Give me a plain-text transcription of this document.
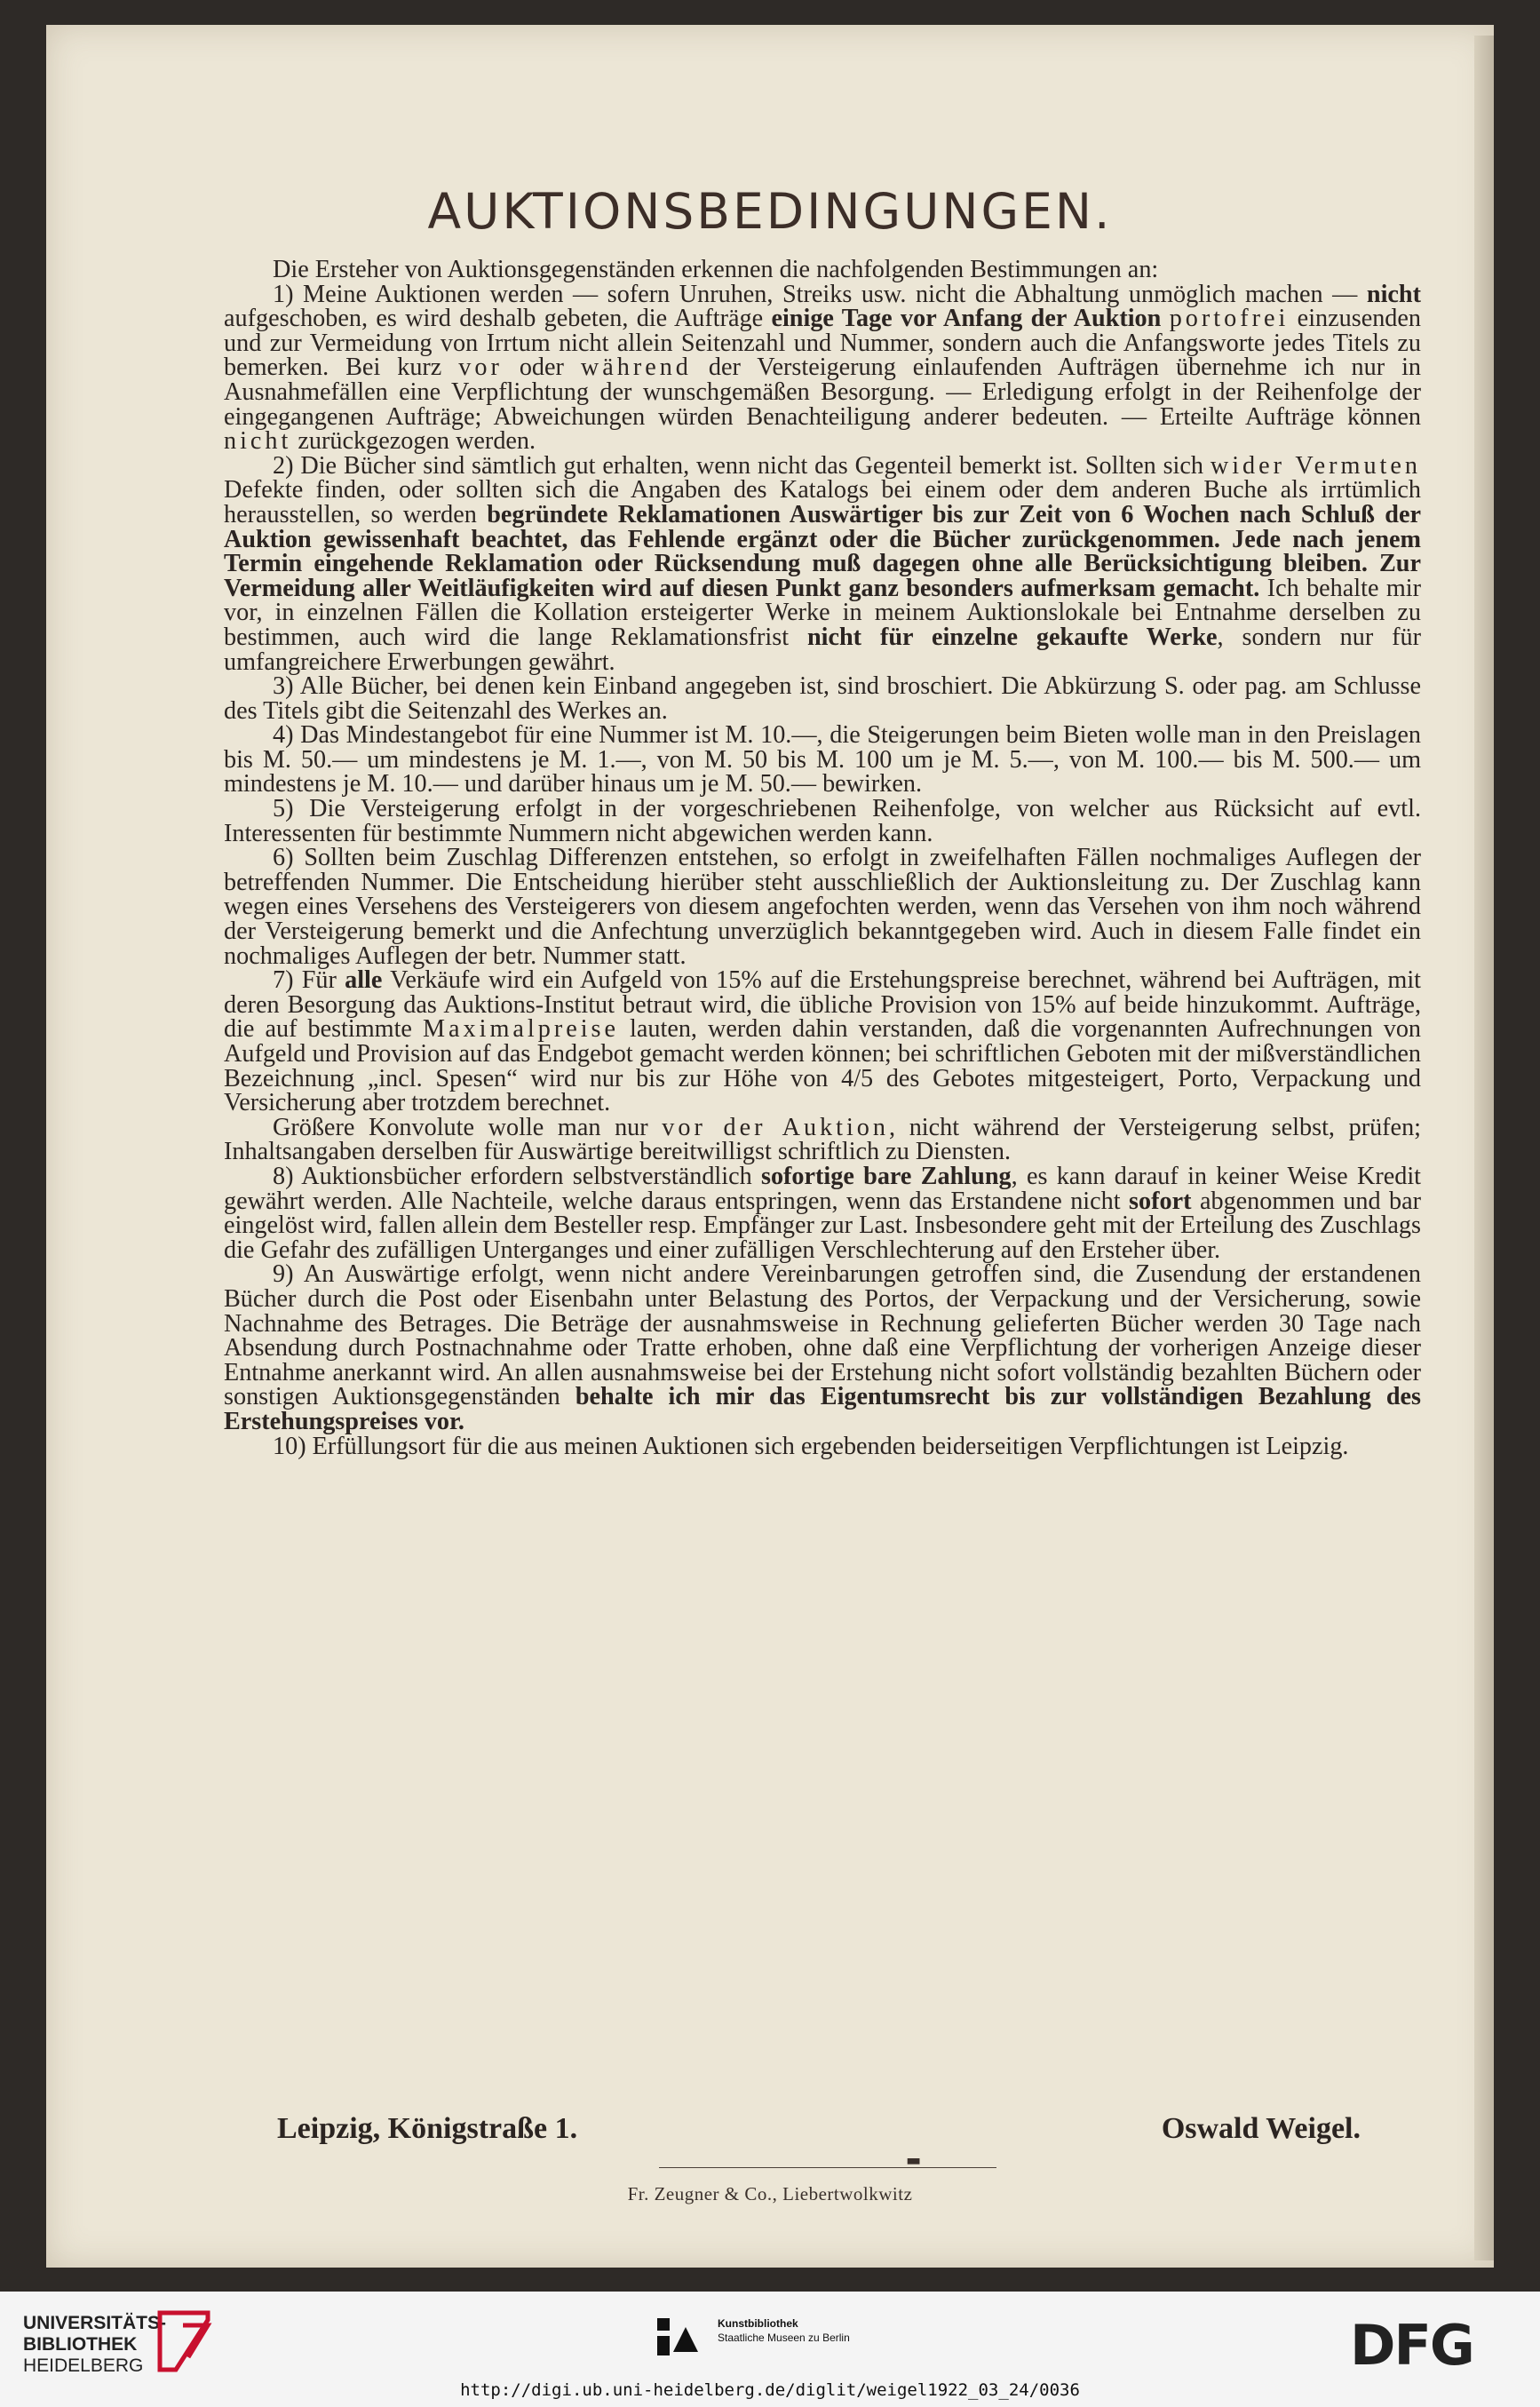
AUKTIONSBEDINGUNGEN.

Die Ersteher von Auktionsgegenständen erkennen die nachfolgenden Bestimmungen an:

1) Meine Auktionen werden — sofern Unruhen, Streiks usw. nicht die Abhaltung unmöglich machen — nicht aufgeschoben, es wird deshalb gebeten, die Aufträge einige Tage vor Anfang der Auktion portofrei einzusenden und zur Vermeidung von Irrtum nicht allein Seitenzahl und Nummer, sondern auch die Anfangsworte jedes Titels zu bemerken. Bei kurz vor oder während der Versteigerung einlaufenden Aufträgen übernehme ich nur in Ausnahmefällen eine Verpflichtung der wunschgemäßen Besorgung. — Erledigung erfolgt in der Reihenfolge der eingegangenen Aufträge; Abweichungen würden Benachteiligung anderer bedeuten. — Erteilte Aufträge können nicht zurückgezogen werden.

2) Die Bücher sind sämtlich gut erhalten, wenn nicht das Gegenteil bemerkt ist. Sollten sich wider Vermuten Defekte finden, oder sollten sich die Angaben des Katalogs bei einem oder dem anderen Buche als irrtümlich herausstellen, so werden begründete Reklamationen Auswärtiger bis zur Zeit von 6 Wochen nach Schluß der Auktion gewissenhaft beachtet, das Fehlende ergänzt oder die Bücher zurückgenommen. Jede nach jenem Termin eingehende Reklamation oder Rücksendung muß dagegen ohne alle Berücksichtigung bleiben. Zur Vermeidung aller Weitläufigkeiten wird auf diesen Punkt ganz besonders aufmerksam gemacht. Ich behalte mir vor, in einzelnen Fällen die Kollation ersteigerter Werke in meinem Auktionslokale bei Entnahme derselben zu bestimmen, auch wird die lange Reklamationsfrist nicht für einzelne gekaufte Werke, sondern nur für umfangreichere Erwerbungen gewährt.

3) Alle Bücher, bei denen kein Einband angegeben ist, sind broschiert. Die Abkürzung S. oder pag. am Schlusse des Titels gibt die Seitenzahl des Werkes an.

4) Das Mindestangebot für eine Nummer ist M. 10.—, die Steigerungen beim Bieten wolle man in den Preislagen bis M. 50.— um mindestens je M. 1.—, von M. 50 bis M. 100 um je M. 5.—, von M. 100.— bis M. 500.— um mindestens je M. 10.— und darüber hinaus um je M. 50.— bewirken.

5) Die Versteigerung erfolgt in der vorgeschriebenen Reihenfolge, von welcher aus Rücksicht auf evtl. Interessenten für bestimmte Nummern nicht abgewichen werden kann.

6) Sollten beim Zuschlag Differenzen entstehen, so erfolgt in zweifelhaften Fällen nochmaliges Auflegen der betreffenden Nummer. Die Entscheidung hierüber steht ausschließlich der Auktionsleitung zu. Der Zuschlag kann wegen eines Versehens des Versteigerers von diesem angefochten werden, wenn das Versehen von ihm noch während der Versteigerung bemerkt und die Anfechtung unverzüglich bekanntgegeben wird. Auch in diesem Falle findet ein nochmaliges Auflegen der betr. Nummer statt.

7) Für alle Verkäufe wird ein Aufgeld von 15% auf die Erstehungspreise berechnet, während bei Aufträgen, mit deren Besorgung das Auktions-Institut betraut wird, die übliche Provision von 15% auf beide hinzukommt. Aufträge, die auf bestimmte Maximalpreise lauten, werden dahin verstanden, daß die vorgenannten Aufrechnungen von Aufgeld und Provision auf das Endgebot gemacht werden können; bei schriftlichen Geboten mit der mißverständlichen Bezeichnung „incl. Spesen“ wird nur bis zur Höhe von 4/5 des Gebotes mitgesteigert, Porto, Verpackung und Versicherung aber trotzdem berechnet.

Größere Konvolute wolle man nur vor der Auktion, nicht während der Versteigerung selbst, prüfen; Inhaltsangaben derselben für Auswärtige bereitwilligst schriftlich zu Diensten.

8) Auktionsbücher erfordern selbstverständlich sofortige bare Zahlung, es kann darauf in keiner Weise Kredit gewährt werden. Alle Nachteile, welche daraus entspringen, wenn das Erstandene nicht sofort abgenommen und bar eingelöst wird, fallen allein dem Besteller resp. Empfänger zur Last. Insbesondere geht mit der Erteilung des Zuschlags die Gefahr des zufälligen Unterganges und einer zufälligen Verschlechterung auf den Ersteher über.

9) An Auswärtige erfolgt, wenn nicht andere Vereinbarungen getroffen sind, die Zusendung der erstandenen Bücher durch die Post oder Eisenbahn unter Belastung des Portos, der Verpackung und der Versicherung, sowie Nachnahme des Betrages. Die Beträge der ausnahmsweise in Rechnung gelieferten Bücher werden 30 Tage nach Absendung durch Postnachnahme oder Tratte erhoben, ohne daß eine Verpflichtung der vorherigen Anzeige dieser Entnahme anerkannt wird. An allen ausnahmsweise bei der Erstehung nicht sofort vollständig bezahlten Büchern oder sonstigen Auktionsgegenständen behalte ich mir das Eigentumsrecht bis zur vollständigen Bezahlung des Erstehungspreises vor.

10) Erfüllungsort für die aus meinen Auktionen sich ergebenden beiderseitigen Verpflichtungen ist Leipzig.

Leipzig, Königstraße 1.	Oswald Weigel.
▬
Fr. Zeugner & Co., Liebertwolkwitz
UNIVERSITÄTS-
BIBLIOTHEK
HEIDELBERG
Kunstbibliothek
Staatliche Museen zu Berlin	DFG
http://digi.ub.uni-heidelberg.de/diglit/weigel1922_03_24/0036
